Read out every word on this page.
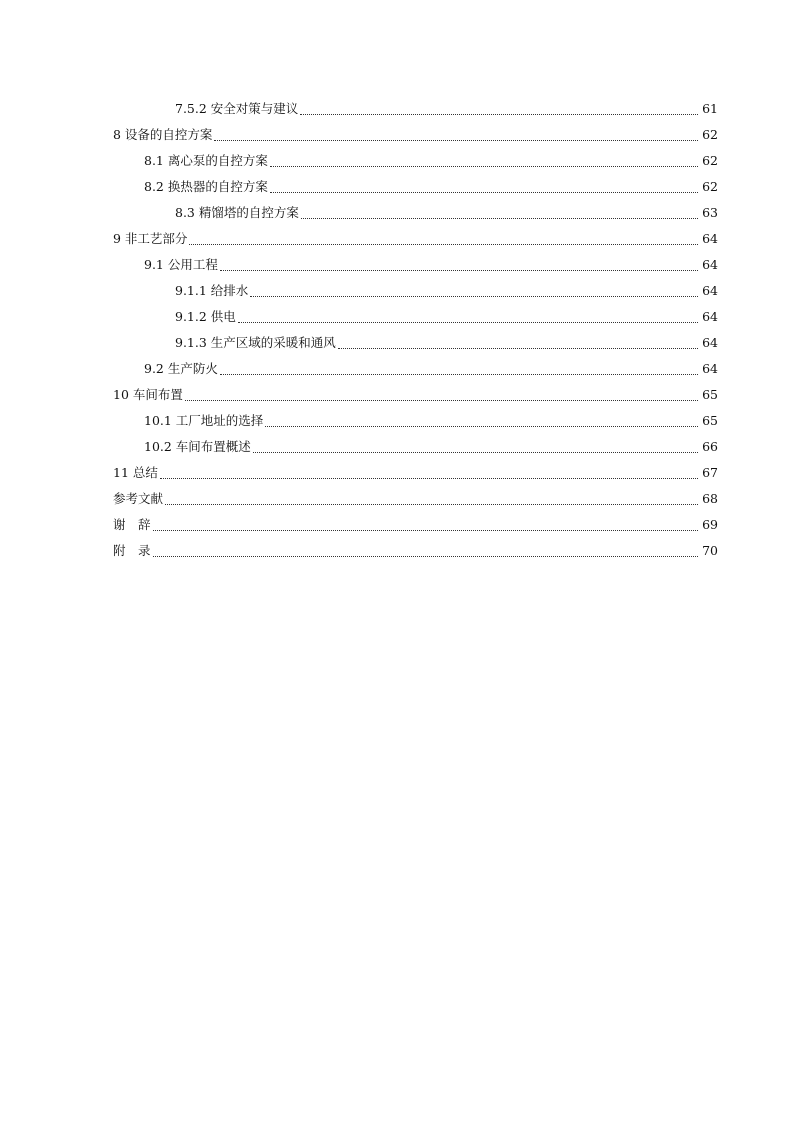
7.5.2 安全对策与建议	61
8 设备的自控方案	62
8.1 离心泵的自控方案	62
8.2 换热器的自控方案	62
8.3 精馏塔的自控方案	63
9 非工艺部分	64
9.1 公用工程	64
9.1.1 给排水	64
9.1.2 供电	64
9.1.3 生产区域的采暖和通风	64
9.2 生产防火	64
10 车间布置	65
10.1 工厂地址的选择	65
10.2 车间布置概述	66
11 总结	67
参考文献	68
谢　辞	69
附　录	70
